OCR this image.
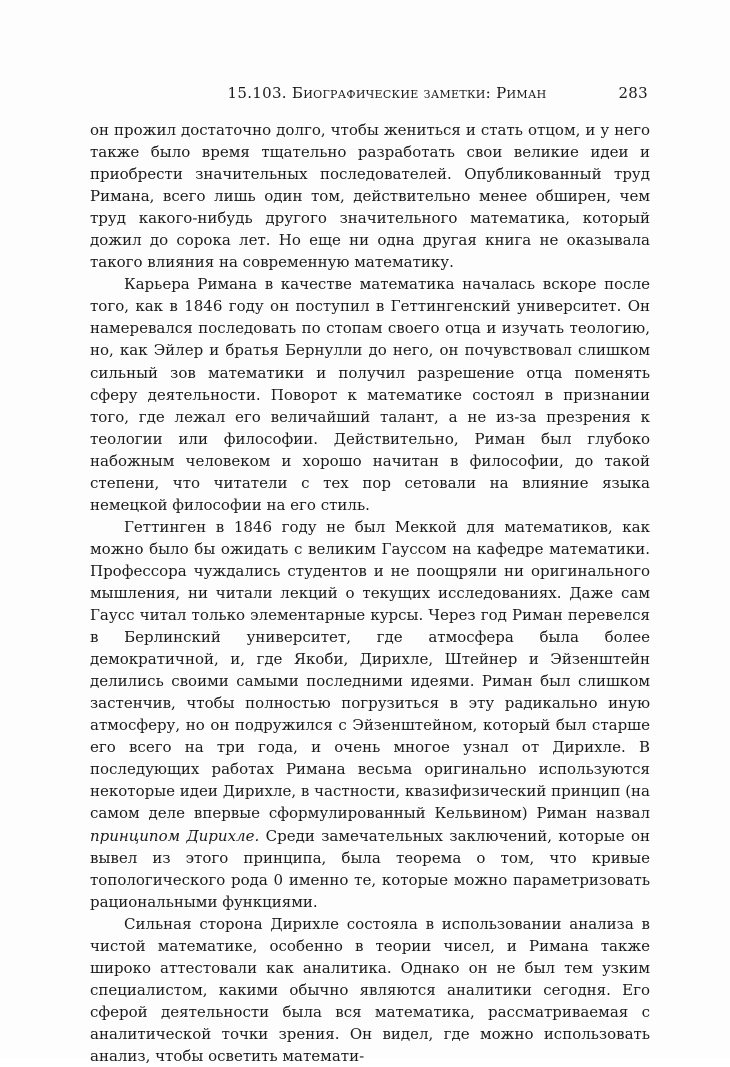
15.103. Биографические заметки: Риман	283

он прожил достаточно долго, чтобы жениться и стать отцом, и у него также было время тщательно разработать свои великие идеи и приобрести значительных последователей. Опубликованный труд Римана, всего лишь один том, действительно менее обширен, чем труд какого-нибудь другого значительного математика, который дожил до сорока лет. Но еще ни одна другая книга не оказывала такого влияния на современную математику.

Карьера Римана в качестве математика началась вскоре после того, как в 1846 году он поступил в Геттингенский университет. Он намеревался последовать по стопам своего отца и изучать теологию, но, как Эйлер и братья Бернулли до него, он почувствовал слишком сильный зов математики и получил разрешение отца поменять сферу деятельности. Поворот к математике состоял в признании того, где лежал его величайший талант, а не из-за презрения к теологии или философии. Действительно, Риман был глубоко набожным человеком и хорошо начитан в философии, до такой степени, что читатели с тех пор сетовали на влияние языка немецкой философии на его стиль.

Геттинген в 1846 году не был Меккой для математиков, как можно было бы ожидать с великим Гауссом на кафедре математики. Профессора чуждались студентов и не поощряли ни оригинального мышления, ни читали лекций о текущих исследованиях. Даже сам Гаусс читал только элементарные курсы. Через год Риман перевелся в Берлинский университет, где атмосфера была более демократичной, и, где Якоби, Дирихле, Штейнер и Эйзенштейн делились своими самыми последними идеями. Риман был слишком застенчив, чтобы полностью погрузиться в эту радикально иную атмосферу, но он подружился с Эйзенштейном, который был старше его всего на три года, и очень многое узнал от Дирихле. В последующих работах Римана весьма оригинально используются некоторые идеи Дирихле, в частности, квазифизический принцип (на самом деле впервые сформулированный Кельвином) Риман назвал принципом Дирихле. Среди замечательных заключений, которые он вывел из этого принципа, была теорема о том, что кривые топологического рода 0 именно те, которые можно параметризовать рациональными функциями.

Сильная сторона Дирихле состояла в использовании анализа в чистой математике, особенно в теории чисел, и Римана также широко аттестовали как аналитика. Однако он не был тем узким специалистом, какими обычно являются аналитики сегодня. Его сферой деятельности была вся математика, рассматриваемая с аналитической точки зрения. Он видел, где можно использовать анализ, чтобы осветить математи-
